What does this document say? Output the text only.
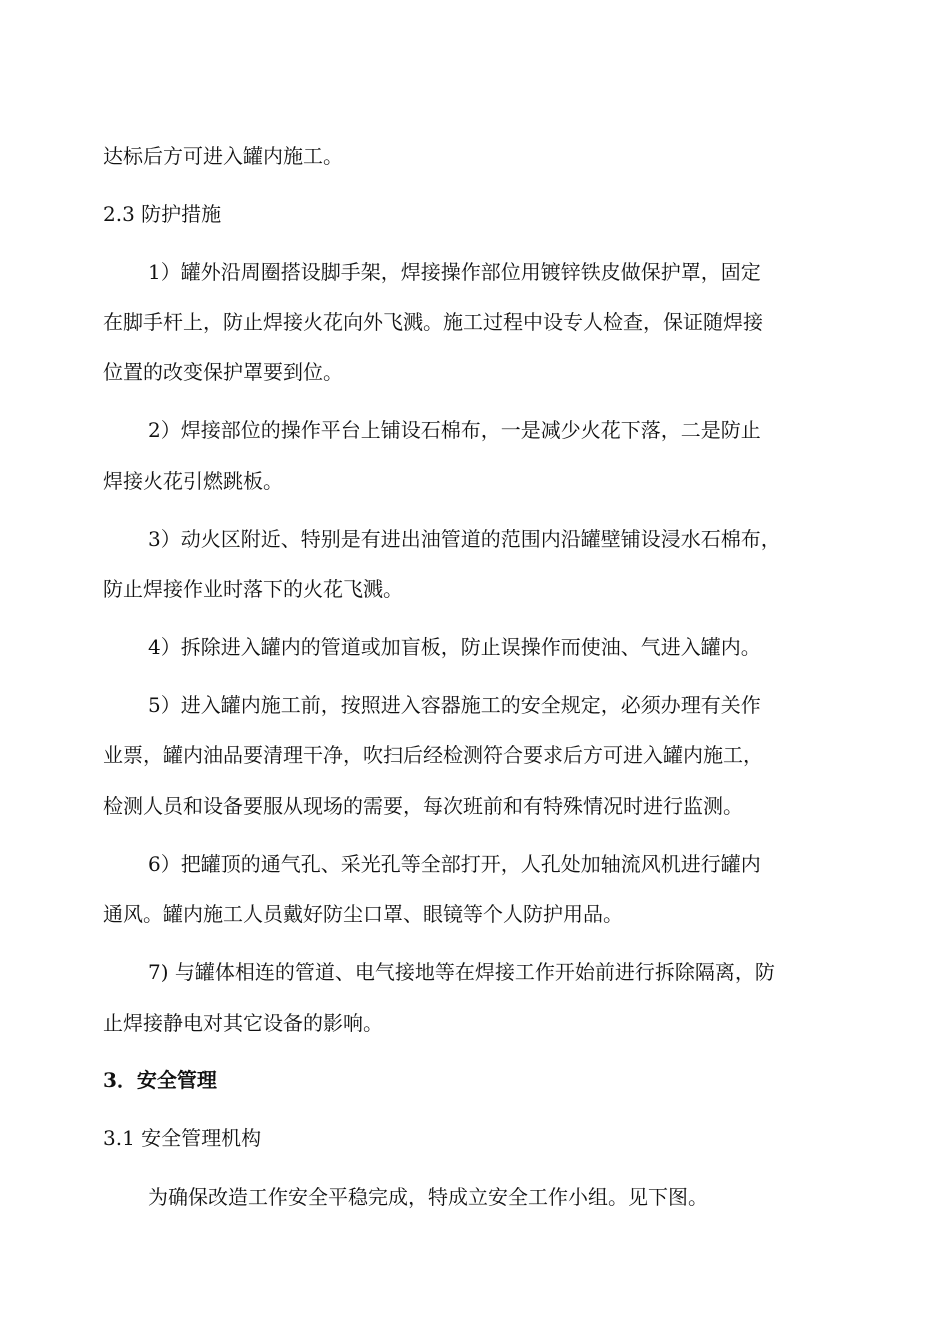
达标后方可进入罐内施工。
2.3 防护措施
1）罐外沿周圈搭设脚手架，焊接操作部位用镀锌铁皮做保护罩，固定
在脚手杆上，防止焊接火花向外飞溅。施工过程中设专人检查，保证随焊接
位置的改变保护罩要到位。
2）焊接部位的操作平台上铺设石棉布，一是减少火花下落，二是防止
焊接火花引燃跳板。
3）动火区附近、特别是有进出油管道的范围内沿罐壁铺设浸水石棉布，
防止焊接作业时落下的火花飞溅。
4）拆除进入罐内的管道或加盲板，防止误操作而使油、气进入罐内。
5）进入罐内施工前，按照进入容器施工的安全规定，必须办理有关作
业票，罐内油品要清理干净，吹扫后经检测符合要求后方可进入罐内施工，
检测人员和设备要服从现场的需要，每次班前和有特殊情况时进行监测。
6）把罐顶的通气孔、采光孔等全部打开，人孔处加轴流风机进行罐内
通风。罐内施工人员戴好防尘口罩、眼镜等个人防护用品。
7) 与罐体相连的管道、电气接地等在焊接工作开始前进行拆除隔离，防
止焊接静电对其它设备的影响。
3．安全管理
3.1 安全管理机构
为确保改造工作安全平稳完成，特成立安全工作小组。见下图。
